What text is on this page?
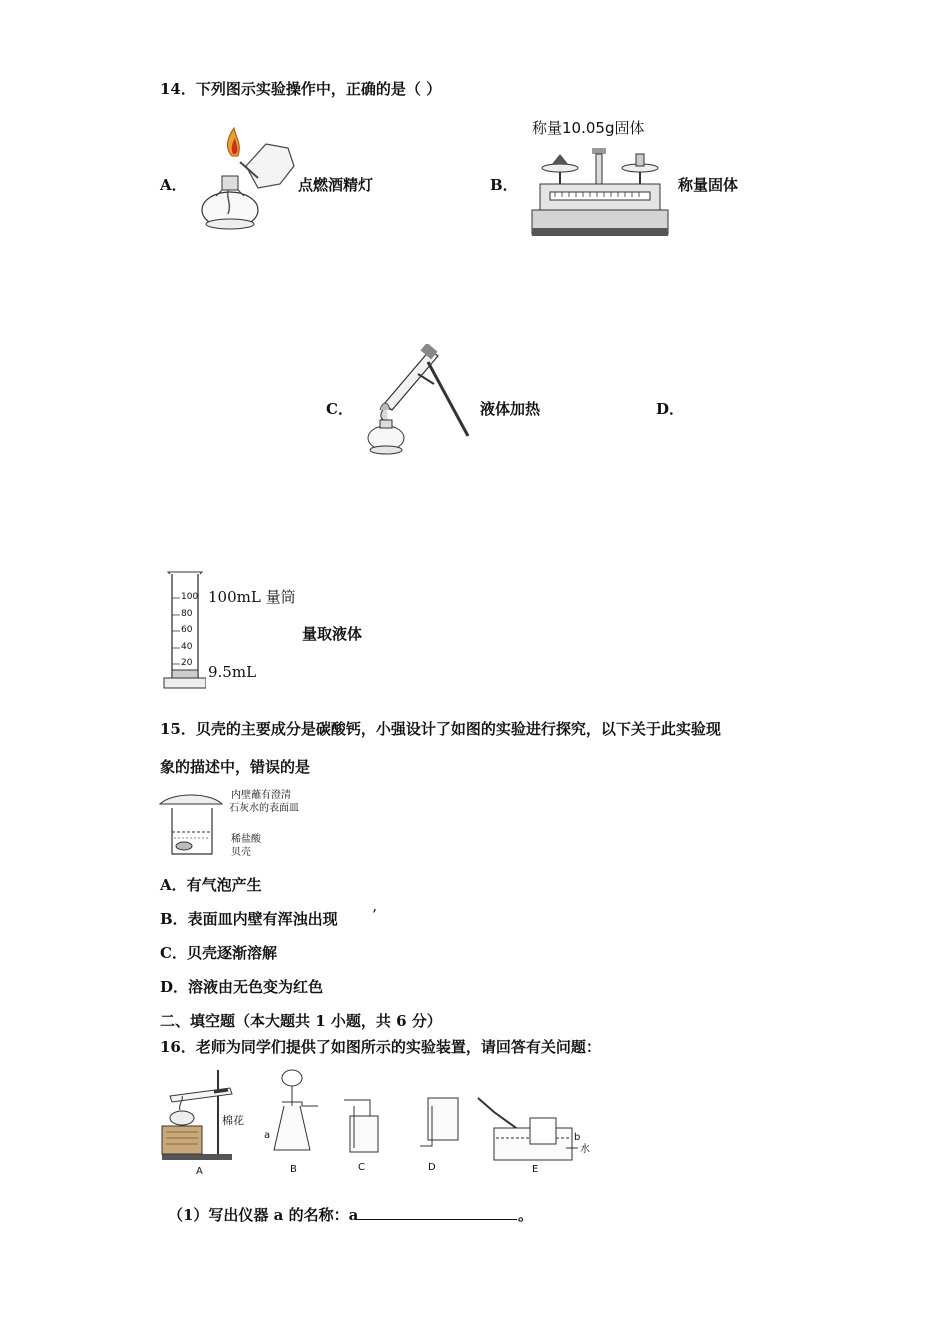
14．下列图示实验操作中，正确的是（ ）
A．	点燃酒精灯	B．
称量10.05g固体
称量固体
C．	液体加热	D．
100
80
60
40
20
100mL 量筒
9.5mL
量取液体
15．贝壳的主要成分是碳酸钙，小强设计了如图的实验进行探究，以下关于此实验现
象的描述中，错误的是
内壁蘸有澄清
石灰水的表面皿
稀盐酸
贝壳
A．有气泡产生
B．表面皿内壁有浑浊出现 ’
C．贝壳逐渐溶解
D．溶液由无色变为红色
二、填空题（本大题共 1 小题，共 6 分）
16．老师为同学们提供了如图所示的实验装置，请回答有关问题：
棉花
A
a
B	C	D
b
水
E
（1）写出仪器 a 的名称：a	。
